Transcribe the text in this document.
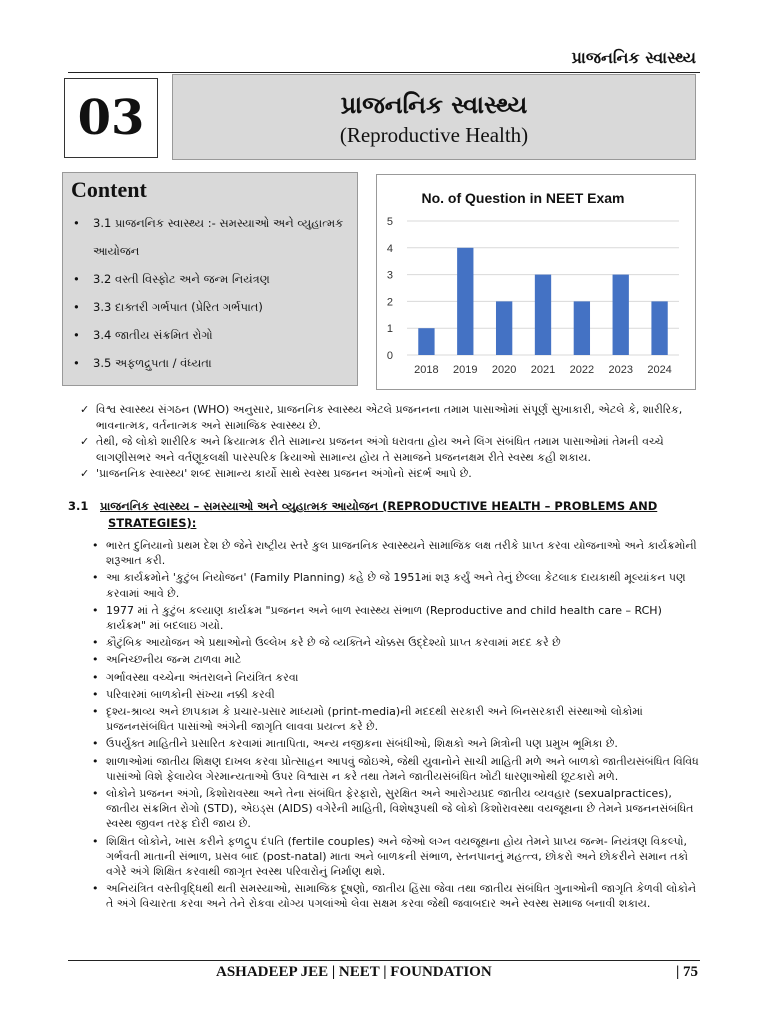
પ્રાજનનિક સ્વાસ્થ્ય
03	પ્રાજનનિક સ્વાસ્થ્ય
(Reproductive Health)
Content
• 3.1 પ્રાજનનિક સ્વાસ્થ્ય :- સમસ્યાઓ અને વ્યુહાત્મક આયોજન
• 3.2 વસ્તી વિસ્ફોટ અને જન્મ નિયંત્રણ
• 3.3 દાક્તરી ગર્ભપાત (પ્રેરિત ગર્ભપાત)
• 3.4 જાતીય સંક્રમિત રોગો
• 3.5 અફળદ્રુપતા / વંધ્યતા
No. of Question in NEET Exam
0
1
2
3
4
5
2018 2019 2020 2021 2022 2023 2024
✓ વિશ્વ સ્વાસ્થ્ય સંગઠન (WHO) અનુસાર, પ્રાજનનિક સ્વાસ્થ્ય એટલે પ્રજનનના તમામ પાસાઓમાં સંપૂર્ણ સુખાકારી, એટલે કે, શારીરિક, ભાવનાત્મક, વર્તનાત્મક અને સામાજિક સ્વાસ્થ્ય છે.
✓ તેથી, જે લોકો શારીરિક અને ક્રિયાત્મક રીતે સામાન્ય પ્રજનન અંગો ધરાવતા હોય અને લિંગ સંબંધિત તમામ પાસાઓમાં તેમની વચ્ચે લાગણીસભર અને વર્તણૂકલક્ષી પારસ્પરિક ક્રિયાઓ સામાન્ય હોય તે સમાજને પ્રજનનક્ષમ રીતે સ્વસ્થ કહી શકાય.
✓ 'પ્રાજનનિક સ્વાસ્થ્ય' શબ્દ સામાન્ય કાર્યો સાથે સ્વસ્થ પ્રજનન અંગોનો સંદર્ભ આપે છે.
3.1 પ્રાજનનિક સ્વાસ્થ્ય – સમસ્યાઓ અને વ્યુહાત્મક આયોજન (REPRODUCTIVE HEALTH – PROBLEMS AND
STRATEGIES):
• ભારત દુનિયાનો પ્રથમ દેશ છે જેને રાષ્ટ્રીય સ્તરે કુલ પ્રાજનનિક સ્વાસ્થ્યને સામાજિક લક્ષ તરીકે પ્રાપ્ત કરવા યોજનાઓ અને કાર્યક્રમોની શરૂઆત કરી.
• આ કાર્યક્રમોને 'કુટુંબ નિયોજન' (Family Planning) કહે છે જે 1951માં શરૂ કર્યું અને તેનું છેલ્લા કેટલાક દાયકાથી મૂલ્યાંકન પણ કરવામાં આવે છે.
• 1977 માં તે કુટુંબ કલ્યાણ કાર્યક્રમ "પ્રજનન અને બાળ સ્વાસ્થ્ય સંભાળ (Reproductive and child health care – RCH) કાર્યક્રમ" માં બદલાઇ ગયો.
• કૌટુંબિક આયોજન એ પ્રથાઓનો ઉલ્લેખ કરે છે જે વ્યક્તિને ચોક્કસ ઉદ્દેશ્યો પ્રાપ્ત કરવામાં મદદ કરે છે
• અનિચ્છનીય જન્મ ટાળવા માટે
• ગર્ભાવસ્થા વચ્ચેના અંતરાલને નિયંત્રિત કરવા
• પરિવારમાં બાળકોની સંખ્યા નક્કી કરવી
• દૃશ્ય-શ્રાવ્ય અને છાપકામ કે પ્રચાર-પ્રસાર માધ્યમો (print-media)ની મદદથી સરકારી અને બિનસરકારી સંસ્થાઓ લોકોમાં પ્રજનનસંબંધિત પાસાંઓ અંગેની જાગૃતિ લાવવા પ્રયત્ન કરે છે.
• ઉપર્યુક્ત માહિતીને પ્રસારિત કરવામાં માતાપિતા, અન્ય નજીકના સંબંધીઓ, શિક્ષકો અને મિત્રોની પણ પ્રમુખ ભૂમિકા છે.
• શાળાઓમાં જાતીય શિક્ષણ દાખલ કરવા પ્રોત્સાહન આપવું જોઇએ, જેથી યુવાનોને સાચી માહિતી મળે અને બાળકો જાતીયસંબંધિત વિવિધ પાસાંઓ વિશે ફેલાયેલ ગેરમાન્યતાઓ ઉપર વિશ્વાસ ન કરે તથા તેમને જાતીયસંબંધિત ખોટી ધારણાઓથી છૂટકારો મળે.
• લોકોને પ્રજનન અંગો, કિશોરાવસ્થા અને તેના સંબંધિત ફેરફારો, સુરક્ષિત અને આરોગ્યપ્રદ જાતીય વ્યવહાર (sexualpractices), જાતીય સંક્રમિત રોગો (STD), એઇડ્સ (AIDS) વગેરેની માહિતી, વિશેષરૂપથી જે લોકો કિશોરાવસ્થા વયજૂથના છે તેમને પ્રજનનસંબંધિત સ્વસ્થ જીવન તરફ દોરી જાય છે.
• શિક્ષિત લોકોને, ખાસ કરીને ફળદ્રુપ દંપતિ (fertile couples) અને જેઓ લગ્ન વયજૂથના હોય તેમને પ્રાપ્ય જન્મ- નિયંત્રણ વિકલ્પો, ગર્ભવતી માતાની સંભાળ, પ્રસવ બાદ (post-natal) માતા અને બાળકની સંભાળ, સ્તનપાનનું મહત્ત્વ, છોકરો અને છોકરીને સમાન તકો વગેરે અંગે શિક્ષિત કરવાથી જાગૃત સ્વસ્થ પરિવારોનું નિર્માણ થશે.
• અનિયંત્રિત વસ્તીવૃદ્ધિથી થતી સમસ્યાઓ, સામાજિક દૂષણો, જાતીય હિંસા જેવા તથા જાતીય સંબંધિત ગુનાઓની જાગૃતિ કેળવી લોકોને તે અંગે વિચારતા કરવા અને તેને રોકવા યોગ્ય પગલાંઓ લેવા સક્ષમ કરવા જેથી જવાબદાર અને સ્વસ્થ સમાજ બનાવી શકાય.
ASHADEEP JEE | NEET | FOUNDATION	| 75
